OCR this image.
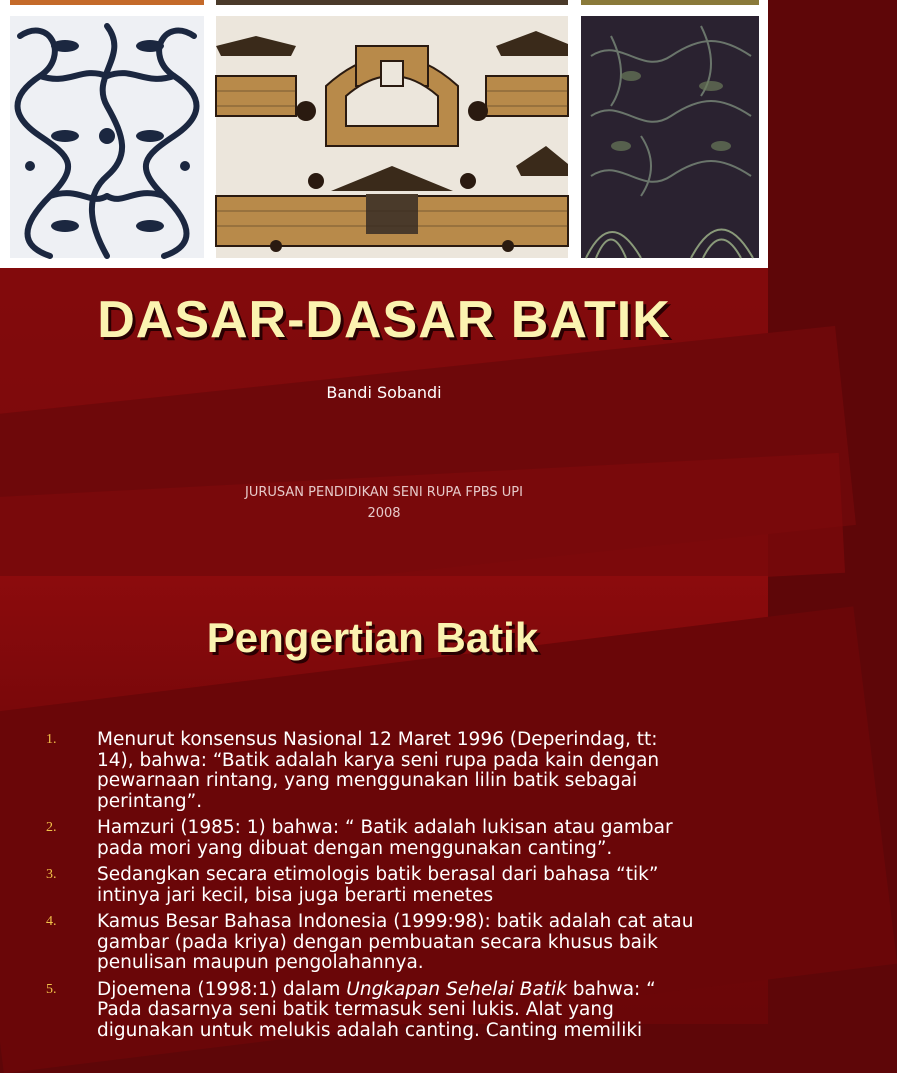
DASAR-DASAR BATIK
Bandi Sobandi
JURUSAN PENDIDIKAN SENI RUPA FPBS UPI
2008
Pengertian Batik
1.	Menurut konsensus Nasional 12 Maret 1996 (Deperindag, tt: 14), bahwa: “Batik adalah karya seni rupa pada kain dengan pewarnaan rintang, yang menggunakan lilin batik sebagai perintang”.
2.	Hamzuri (1985: 1) bahwa: “ Batik adalah lukisan atau gambar pada mori yang dibuat dengan menggunakan canting”.
3.	Sedangkan secara etimologis batik berasal dari bahasa “tik” intinya jari kecil, bisa juga berarti menetes
4.	Kamus Besar Bahasa Indonesia (1999:98): batik adalah cat atau gambar (pada kriya) dengan pembuatan secara khusus baik penulisan maupun pengolahannya.
5.	Djoemena (1998:1) dalam Ungkapan Sehelai Batik bahwa: “ Pada dasarnya seni batik termasuk seni lukis. Alat yang digunakan untuk melukis adalah canting. Canting memiliki
